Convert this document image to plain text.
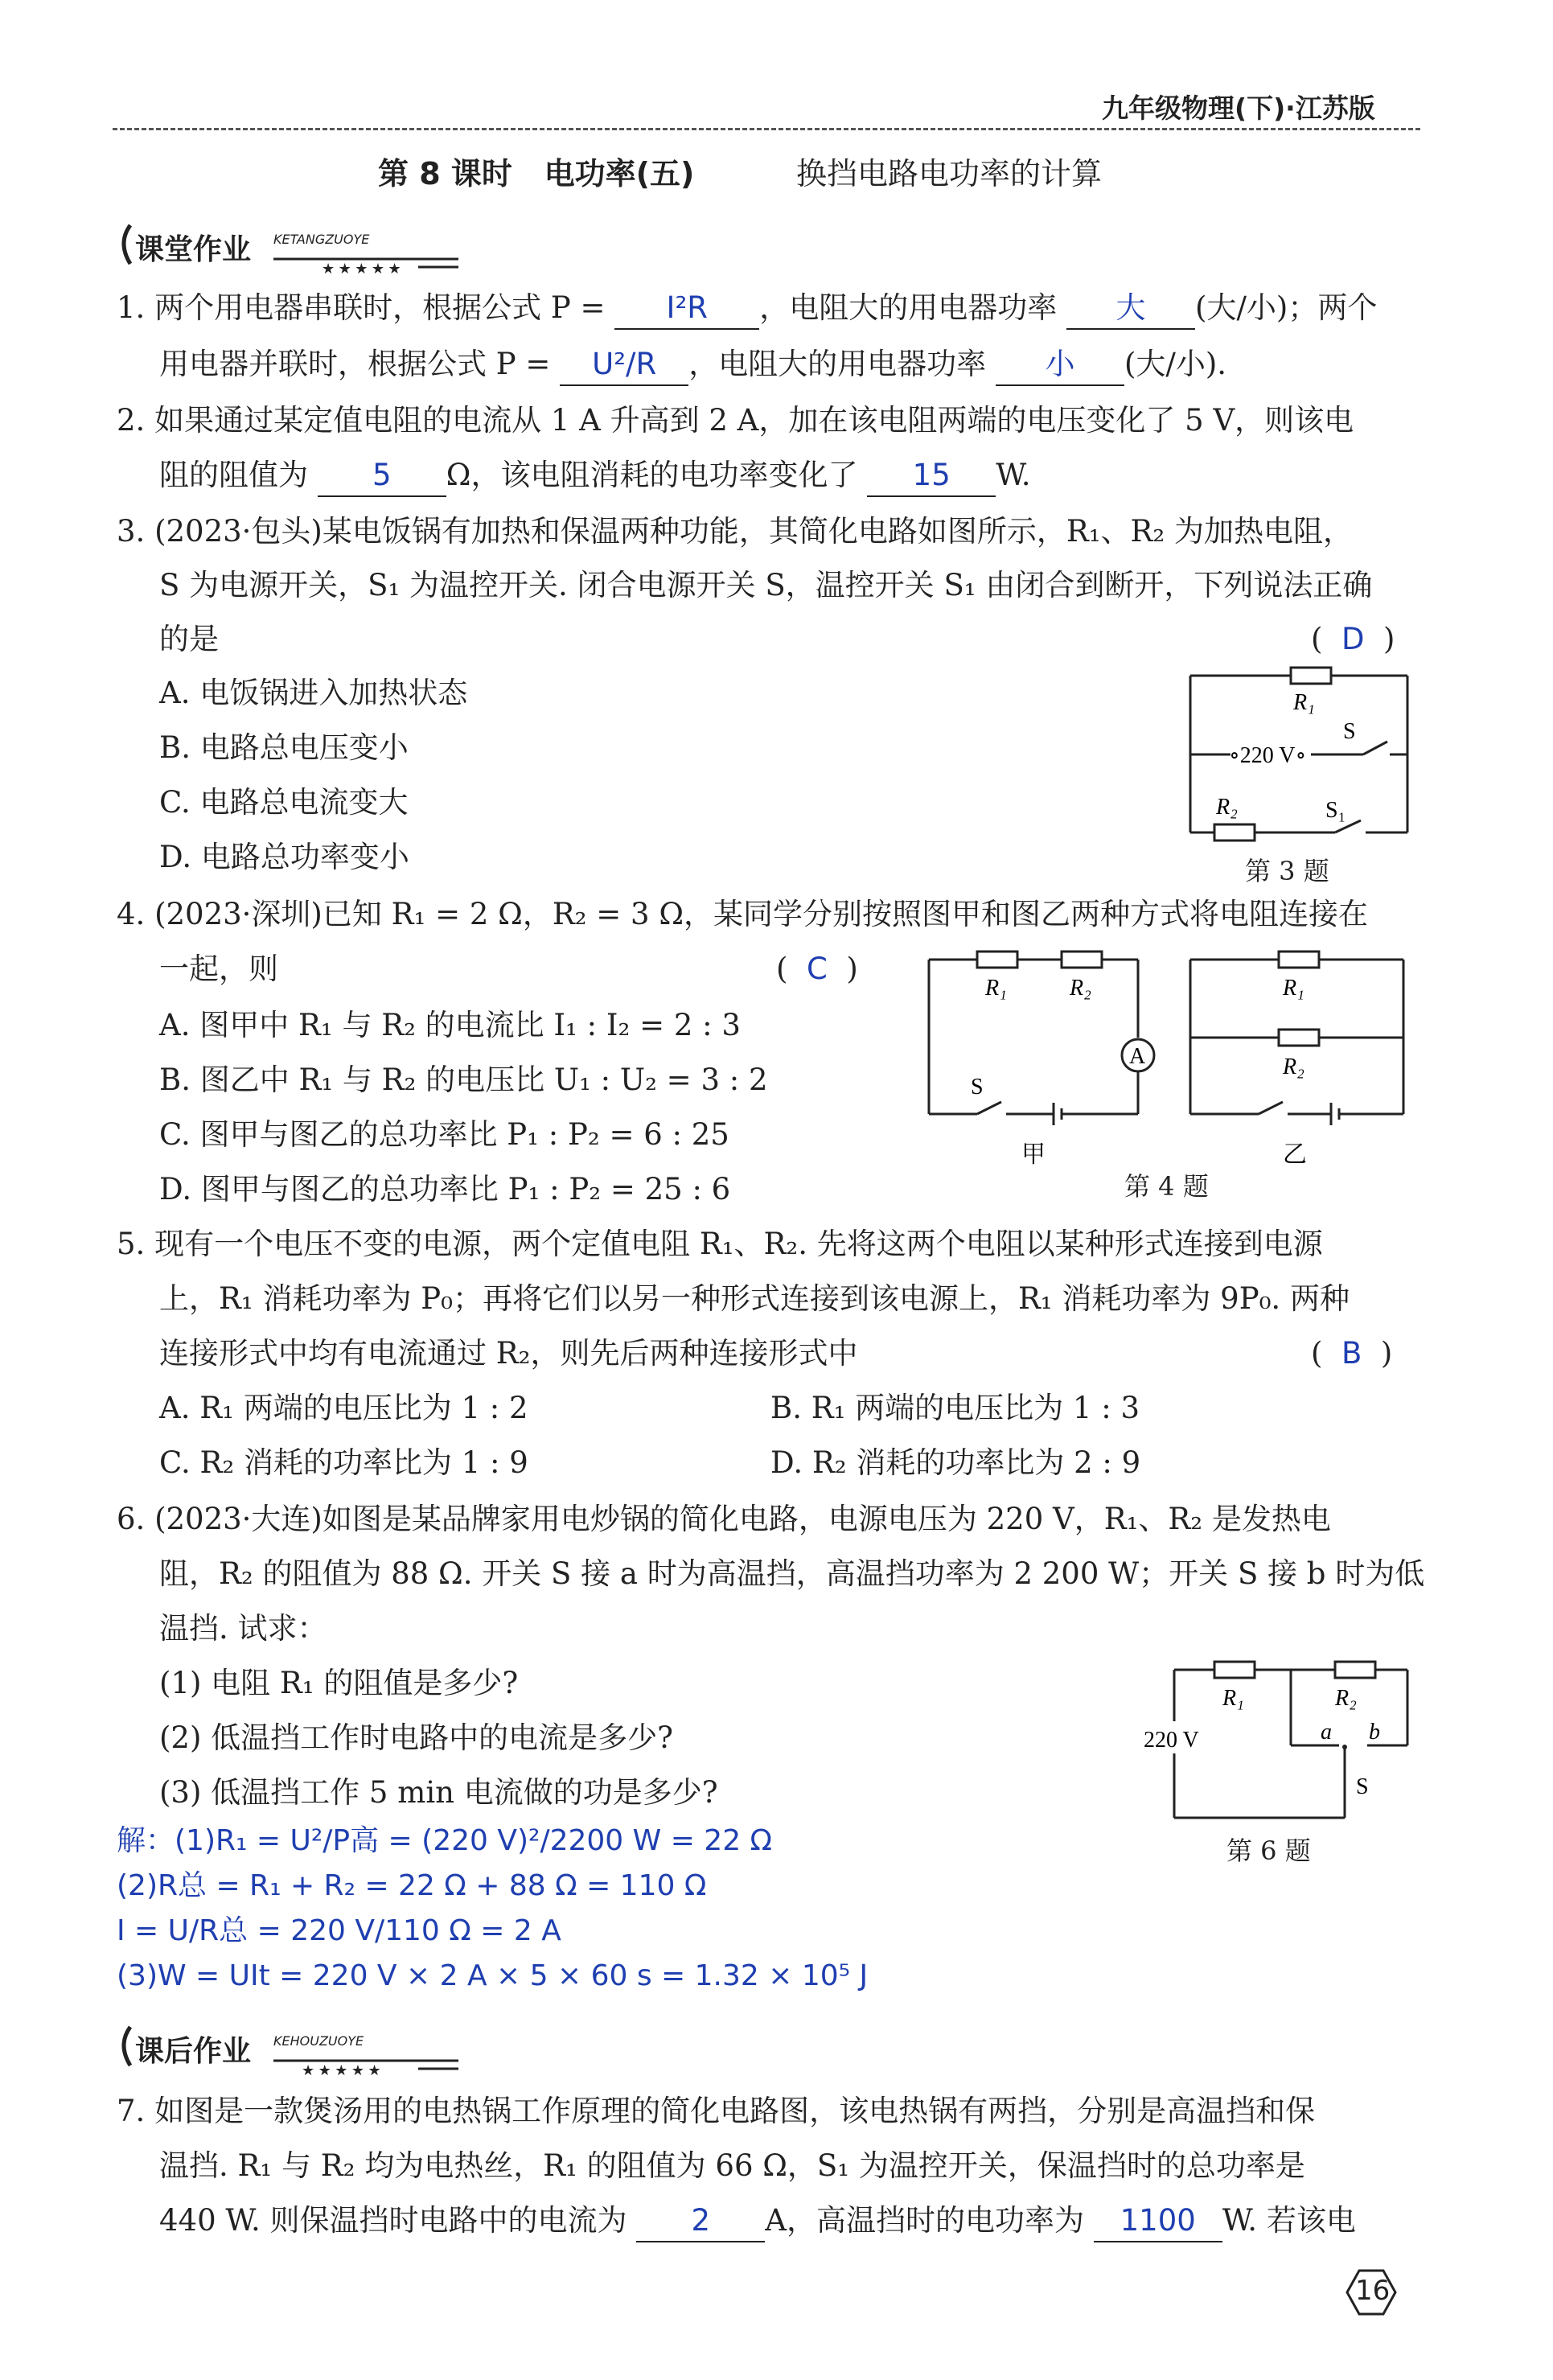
九年级物理(下)·江苏版
第 8 课时 电功率(五)	换挡电路电功率的计算
★ ★ ★ ★ ★
课堂作业 KETANGZUOYE
1. 两个用电器串联时，根据公式 P = I²R ，电阻大的用电器功率 大 (大/小)；两个
用电器并联时，根据公式 P = U²/R ，电阻大的用电器功率 小 (大/小).
2. 如果通过某定值电阻的电流从 1 A 升高到 2 A，加在该电阻两端的电压变化了 5 V，则该电
阻的阻值为 5 Ω，该电阻消耗的电功率变化了 15 W.
3. (2023·包头)某电饭锅有加热和保温两种功能，其简化电路如图所示，R₁、R₂ 为加热电阻，
S 为电源开关，S₁ 为温控开关. 闭合电源开关 S，温控开关 S₁ 由闭合到断开，下列说法正确
的是	(  D  )
A. 电饭锅进入加热状态
B. 电路总电压变小
C. 电路总电流变大
D. 电路总功率变小
R₁
∘220 V∘
S
R₂	S₁
第 3 题
4. (2023·深圳)已知 R₁ = 2 Ω，R₂ = 3 Ω，某同学分别按照图甲和图乙两种方式将电阻连接在
一起，则	(  C  )
A. 图甲中 R₁ 与 R₂ 的电流比 I₁ : I₂ = 2 : 3
B. 图乙中 R₁ 与 R₂ 的电压比 U₁ : U₂ = 3 : 2
C. 图甲与图乙的总功率比 P₁ : P₂ = 6 : 25
D. 图甲与图乙的总功率比 P₁ : P₂ = 25 : 6
R₁	R₂
A
S
甲
R₁
R₂
乙
第 4 题
5. 现有一个电压不变的电源，两个定值电阻 R₁、R₂. 先将这两个电阻以某种形式连接到电源
上，R₁ 消耗功率为 P₀；再将它们以另一种形式连接到该电源上，R₁ 消耗功率为 9P₀. 两种
连接形式中均有电流通过 R₂，则先后两种连接形式中	(  B  )
A. R₁ 两端的电压比为 1 : 2	B. R₁ 两端的电压比为 1 : 3
C. R₂ 消耗的功率比为 1 : 9	D. R₂ 消耗的功率比为 2 : 9
6. (2023·大连)如图是某品牌家用电炒锅的简化电路，电源电压为 220 V，R₁、R₂ 是发热电
阻，R₂ 的阻值为 88 Ω. 开关 S 接 a 时为高温挡，高温挡功率为 2 200 W；开关 S 接 b 时为低
温挡. 试求：
(1) 电阻 R₁ 的阻值是多少?
(2) 低温挡工作时电路中的电流是多少?
(3) 低温挡工作 5 min 电流做的功是多少?
R₁	R₂
220 V	a b
S
第 6 题
解：(1)R₁ = U²/P高 = (220 V)²/2200 W = 22 Ω
(2)R总 = R₁ + R₂ = 22 Ω + 88 Ω = 110 Ω
I = U/R总 = 220 V/110 Ω = 2 A
(3)W = UIt = 220 V × 2 A × 5 × 60 s = 1.32 × 10⁵ J
★ ★ ★ ★ ★
课后作业 KEHOUZUOYE
7. 如图是一款煲汤用的电热锅工作原理的简化电路图，该电热锅有两挡，分别是高温挡和保
温挡. R₁ 与 R₂ 均为电热丝，R₁ 的阻值为 66 Ω，S₁ 为温控开关，保温挡时的总功率是
440 W. 则保温挡时电路中的电流为 2 A，高温挡时的电功率为 1100 W. 若该电
16
